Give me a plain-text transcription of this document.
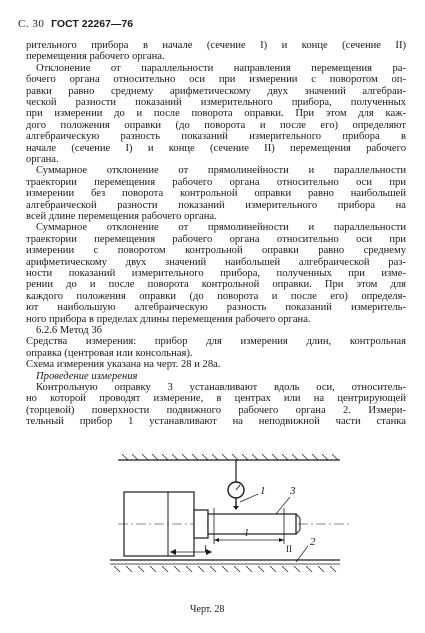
С. 30 ГОСТ 22267—76
рительного прибора в начале (сечение I) и конце (сечение II)
перемещения рабочего органа.
Отклонение от параллельности направления перемещения ра-
бочего органа относительно оси при измерении с поворотом оп-
равки равно среднему арифметическому двух значений алгебраи-
ческой разности показаний измерительного прибора, полученных
при измерении до и после поворота оправки. При этом для каж-
дого положения оправки (до поворота и после его) определяют
алгебраическую разность показаний измерительного прибора в
начале (сечение I) и конце (сечение II) перемещения рабочего
органа.
Суммарное отклонение от прямолинейности и параллельности
траектории перемещения рабочего органа относительно оси при
измерении без поворота контрольной оправки равно наибольшей
алгебраической разности показаний измерительного прибора на
всей длине перемещения рабочего органа.
Суммарное отклонение от прямолинейности и параллельности
траектории перемещения рабочего органа относительно оси при
измерении с поворотом контрольной оправки равно среднему
арифметическому двух значений наибольшей алгебраической раз-
ности показаний измерительного прибора, полученных при изме-
рении до и после поворота контрольной оправки. При этом для
каждого положения оправки (до поворота и после его) определя-
ют наибольшую алгебраическую разность показаний измеритель-
ного прибора в пределах длины перемещения рабочего органа.
6.2.6 Метод 3б
Средства измерения: прибор для измерения длин, контрольная
оправка (центровая или консольная).
Схема измерения указана на черт. 28 и 28а.
Проведение измерения
Контрольную оправку 3 устанавливают вдоль оси, относитель-
но которой проводят измерение, в центрах или на центрирующей
(торцевой) поверхности подвижного рабочего органа 2. Измери-
тельный прибор 1 устанавливают на неподвижной части станка
1 3
l
2
I	II
Черт. 28
